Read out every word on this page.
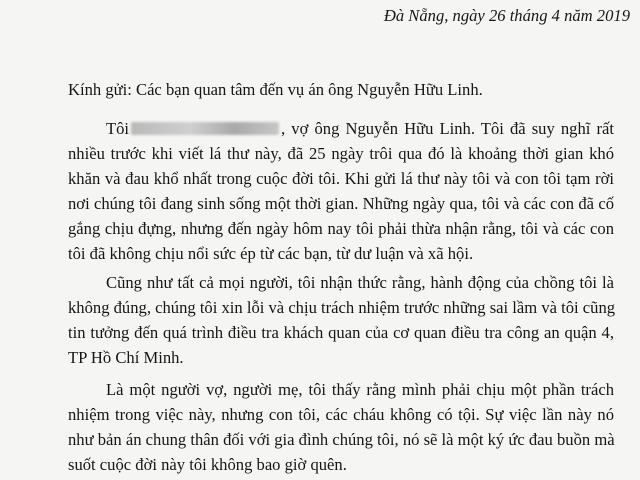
Đà Nẵng, ngày 26 tháng 4 năm 2019
Kính gửi: Các bạn quan tâm đến vụ án ông Nguyễn Hữu Linh.
Tôi	, vợ ông Nguyễn Hữu Linh. Tôi đã suy nghĩ rất
nhiều trước khi viết lá thư này, đã 25 ngày trôi qua đó là khoảng thời gian khó
khăn và đau khổ nhất trong cuộc đời tôi. Khi gửi lá thư này tôi và con tôi tạm rời
nơi chúng tôi đang sinh sống một thời gian. Những ngày qua, tôi và các con đã cố
gắng chịu đựng, nhưng đến ngày hôm nay tôi phải thừa nhận rằng, tôi và các con
tôi đã không chịu nổi sức ép từ các bạn, từ dư luận và xã hội.
Cũng như tất cả mọi người, tôi nhận thức rằng, hành động của chồng tôi là
không đúng, chúng tôi xin lỗi và chịu trách nhiệm trước những sai lầm và tôi cũng
tin tưởng đến quá trình điều tra khách quan của cơ quan điều tra công an quận 4,
TP Hồ Chí Minh.
Là một người vợ, người mẹ, tôi thấy rằng mình phải chịu một phần trách
nhiệm trong việc này, nhưng con tôi, các cháu không có tội. Sự việc lần này nó
như bản án chung thân đối với gia đình chúng tôi, nó sẽ là một ký ức đau buồn mà
suốt cuộc đời này tôi không bao giờ quên.
